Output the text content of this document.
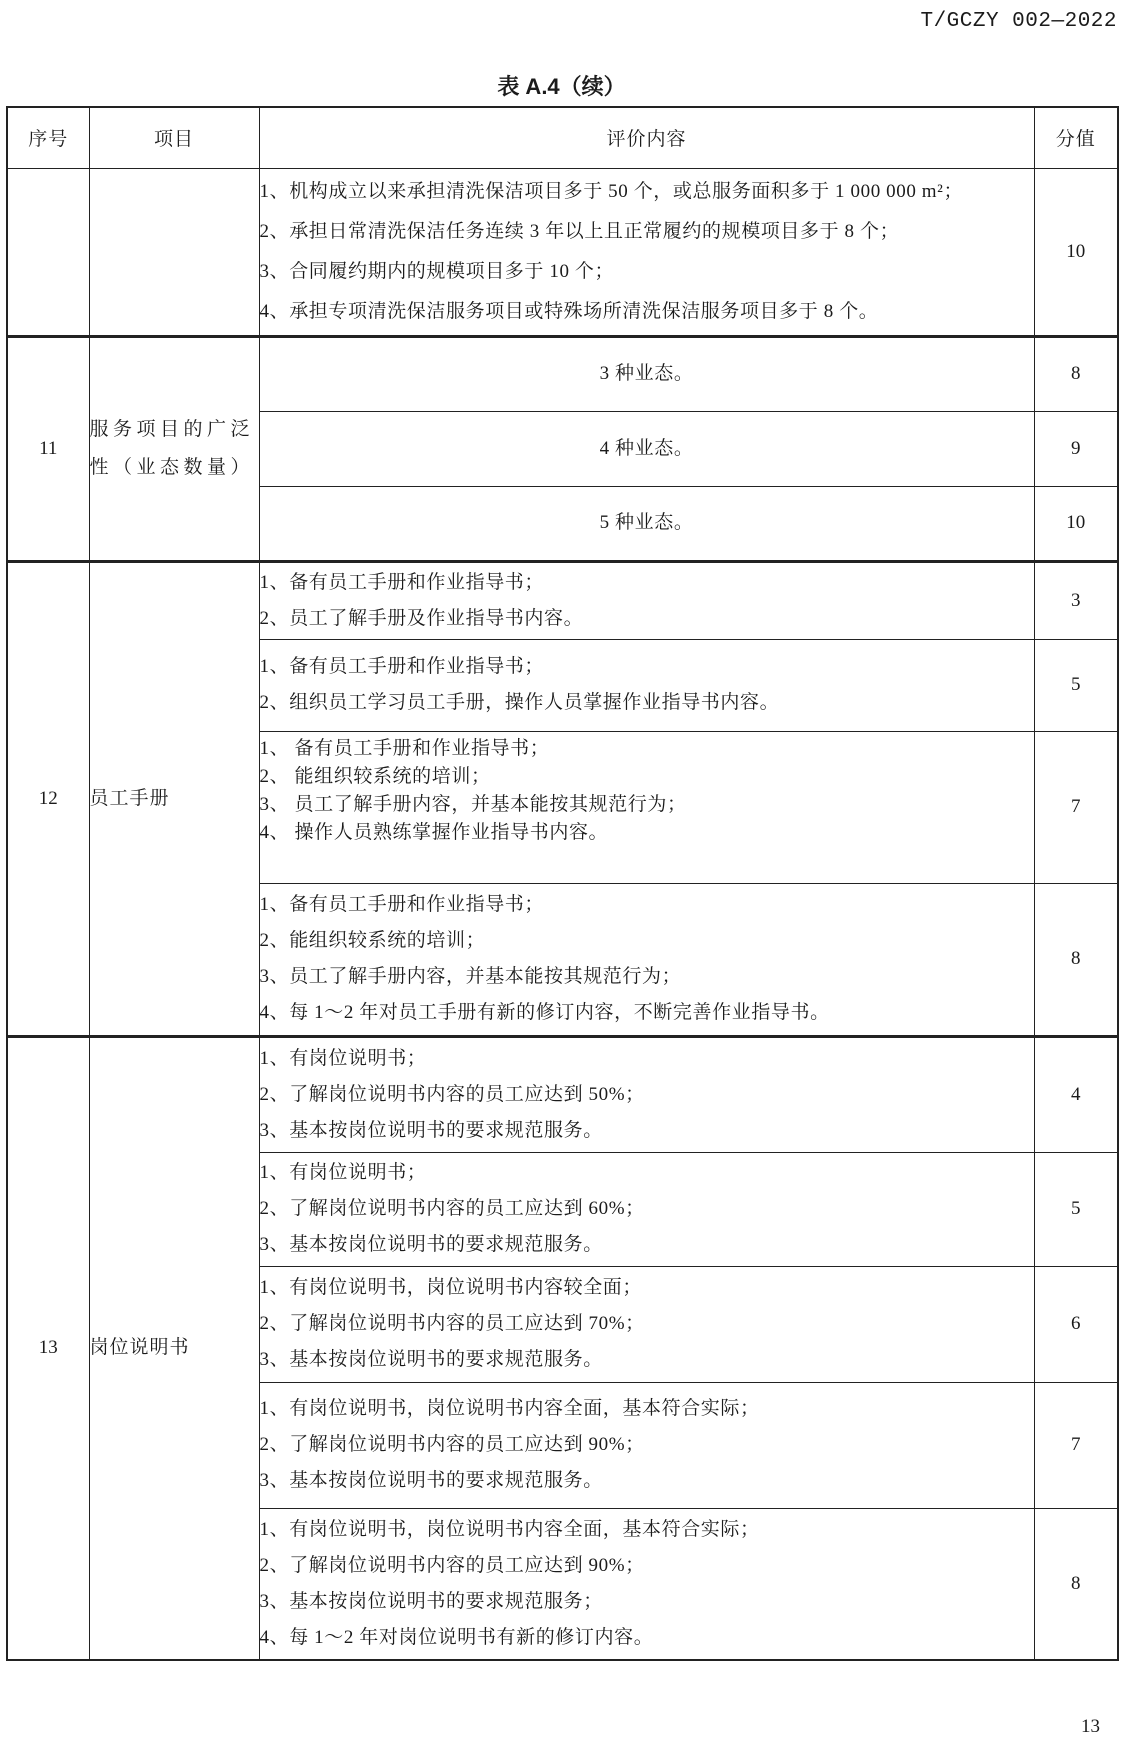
T/GCZY 002—2022
表 A.4（续）
序号	项目	评价内容	分值

		1、机构成立以来承担清洗保洁项目多于 50 个，或总服务面积多于 1 000 000 m²；
2、承担日常清洗保洁任务连续 3 年以上且正常履约的规模项目多于 8 个；
3、合同履约期内的规模项目多于 10 个；
4、承担专项清洗保洁服务项目或特殊场所清洗保洁服务项目多于 8 个。	10
11	服务项目的广泛性（业态数量）	3 种业态。	8

		4 种业态。	9

		5 种业态。	10
12	员工手册	1、备有员工手册和作业指导书；
2、员工了解手册及作业指导书内容。	3

		1、备有员工手册和作业指导书；
2、组织员工学习员工手册，操作人员掌握作业指导书内容。	5

		1、 备有员工手册和作业指导书；
2、 能组织较系统的培训；
3、 员工了解手册内容，并基本能按其规范行为；
4、 操作人员熟练掌握作业指导书内容。	7

		1、备有员工手册和作业指导书；
2、能组织较系统的培训；
3、员工了解手册内容，并基本能按其规范行为；
4、每 1～2 年对员工手册有新的修订内容，不断完善作业指导书。	8
13	岗位说明书	1、有岗位说明书；
2、了解岗位说明书内容的员工应达到 50%；
3、基本按岗位说明书的要求规范服务。	4

		1、有岗位说明书；
2、了解岗位说明书内容的员工应达到 60%；
3、基本按岗位说明书的要求规范服务。	5

		1、有岗位说明书，岗位说明书内容较全面；
2、了解岗位说明书内容的员工应达到 70%；
3、基本按岗位说明书的要求规范服务。	6

		1、有岗位说明书，岗位说明书内容全面，基本符合实际；
2、了解岗位说明书内容的员工应达到 90%；
3、基本按岗位说明书的要求规范服务。	7

		1、有岗位说明书，岗位说明书内容全面，基本符合实际；
2、了解岗位说明书内容的员工应达到 90%；
3、基本按岗位说明书的要求规范服务；
4、每 1～2 年对岗位说明书有新的修订内容。	8
13
